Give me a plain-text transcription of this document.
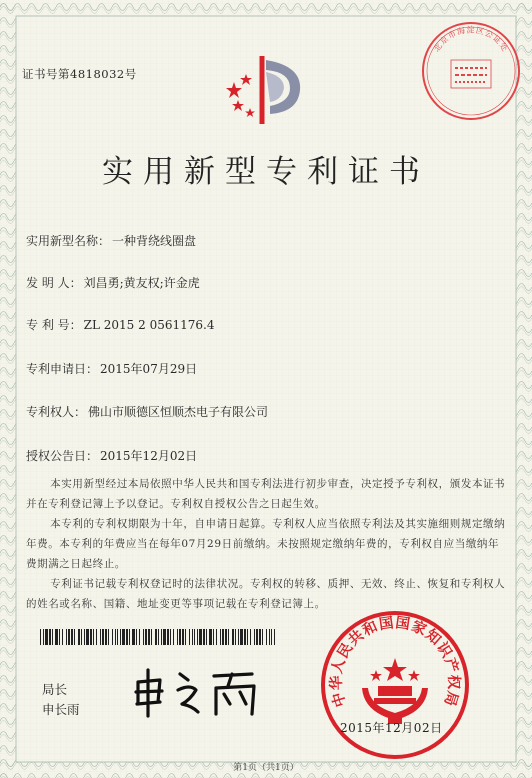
证书号第4818032号
北京市海淀区公证处
实用新型专利证书
实用新型名称： 一种背绕线圈盘
发 明 人： 刘昌勇;黄友权;许金虎
专 利 号： ZL 2015 2 0561176.4
专利申请日： 2015年07月29日
专利权人： 佛山市顺德区恒顺杰电子有限公司
授权公告日： 2015年12月02日

本实用新型经过本局依照中华人民共和国专利法进行初步审查，决定授予专利权，颁发本证书并在专利登记簿上予以登记。专利权自授权公告之日起生效。

本专利的专利权期限为十年，自申请日起算。专利权人应当依照专利法及其实施细则规定缴纳年费。本专利的年费应当在每年07月29日前缴纳。未按照规定缴纳年费的，专利权自应当缴纳年费期满之日起终止。

专利证书记载专利权登记时的法律状况。专利权的转移、质押、无效、终止、恢复和专利权人的姓名或名称、国籍、地址变更等事项记载在专利登记簿上。

局长
申长雨
中华人民共和国国家知识产权局
2015年12月02日
第1页（共1页）
